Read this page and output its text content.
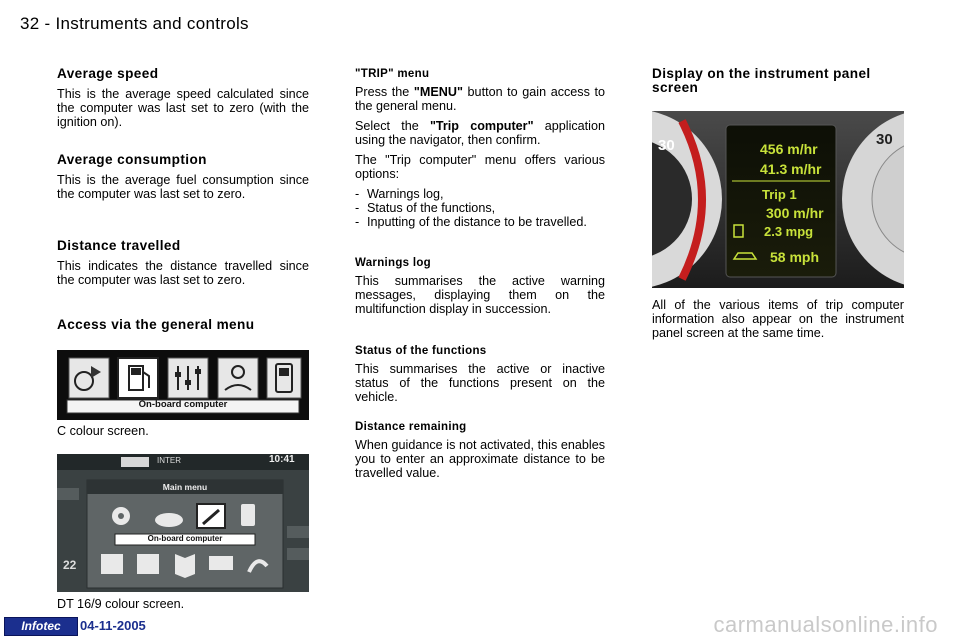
32 - Instruments and controls
Average speed

This is the average speed calculated since the computer was last set to zero (with the ignition on).

Average consumption

This is the average fuel consumption since the computer was last set to zero.

Distance travelled

This indicates the distance travelled since the computer was last set to zero.

Access via the general menu
On-board computer
C colour screen.
INTER	10:41
Main menu
On-board computer
22
DT 16/9 colour screen.
"TRIP" menu

Press the "MENU" button to gain access to the general menu.

Select the "Trip computer" application using the navigator, then confirm.

The "Trip computer" menu offers various options:

- Warnings log,
- Status of the functions,
- Inputting of the distance to be travelled.
Warnings log

This summarises the active warning messages, displaying them on the multifunction display in succession.

Status of the functions

This summarises the active or inactive status of the functions present on the vehicle.

Distance remaining

When guidance is not activated, this enables you to enter an approximate distance to be travelled value.

Display on the instrument panel screen
456 m/hr
41.3 m/hr
Trip 1
300 m/hr
2.3 mpg
58 mph
30	30

All of the various items of trip computer information also appear on the instrument panel screen at the same time.

Infotec	04-11-2005	carmanualsonline.info
